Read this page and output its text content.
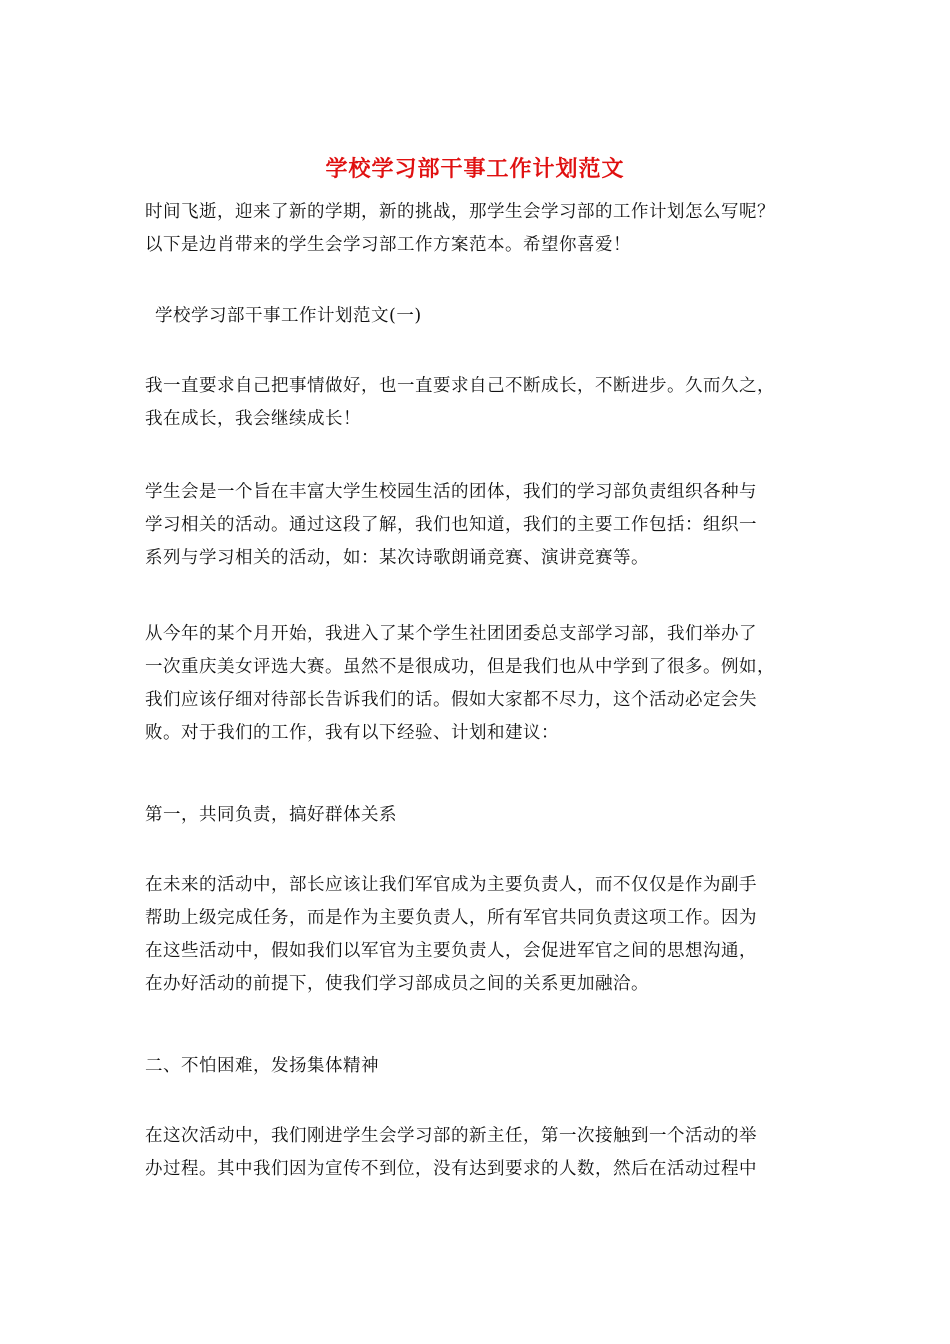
学校学习部干事工作计划范文
时间飞逝，迎来了新的学期，新的挑战，那学生会学习部的工作计划怎么写呢？
以下是边肖带来的学生会学习部工作方案范本。希望你喜爱！
学校学习部干事工作计划范文(一)
我一直要求自己把事情做好，也一直要求自己不断成长，不断进步。久而久之，
我在成长，我会继续成长！
学生会是一个旨在丰富大学生校园生活的团体，我们的学习部负责组织各种与
学习相关的活动。通过这段了解，我们也知道，我们的主要工作包括：组织一
系列与学习相关的活动，如：某次诗歌朗诵竞赛、演讲竞赛等。
从今年的某个月开始，我进入了某个学生社团团委总支部学习部，我们举办了
一次重庆美女评选大赛。虽然不是很成功，但是我们也从中学到了很多。例如，
我们应该仔细对待部长告诉我们的话。假如大家都不尽力，这个活动必定会失
败。对于我们的工作，我有以下经验、计划和建议：
第一，共同负责，搞好群体关系
在未来的活动中，部长应该让我们军官成为主要负责人，而不仅仅是作为副手
帮助上级完成任务，而是作为主要负责人，所有军官共同负责这项工作。因为
在这些活动中，假如我们以军官为主要负责人，会促进军官之间的思想沟通，
在办好活动的前提下，使我们学习部成员之间的关系更加融洽。
二、不怕困难，发扬集体精神
在这次活动中，我们刚进学生会学习部的新主任，第一次接触到一个活动的举
办过程。其中我们因为宣传不到位，没有达到要求的人数，然后在活动过程中
